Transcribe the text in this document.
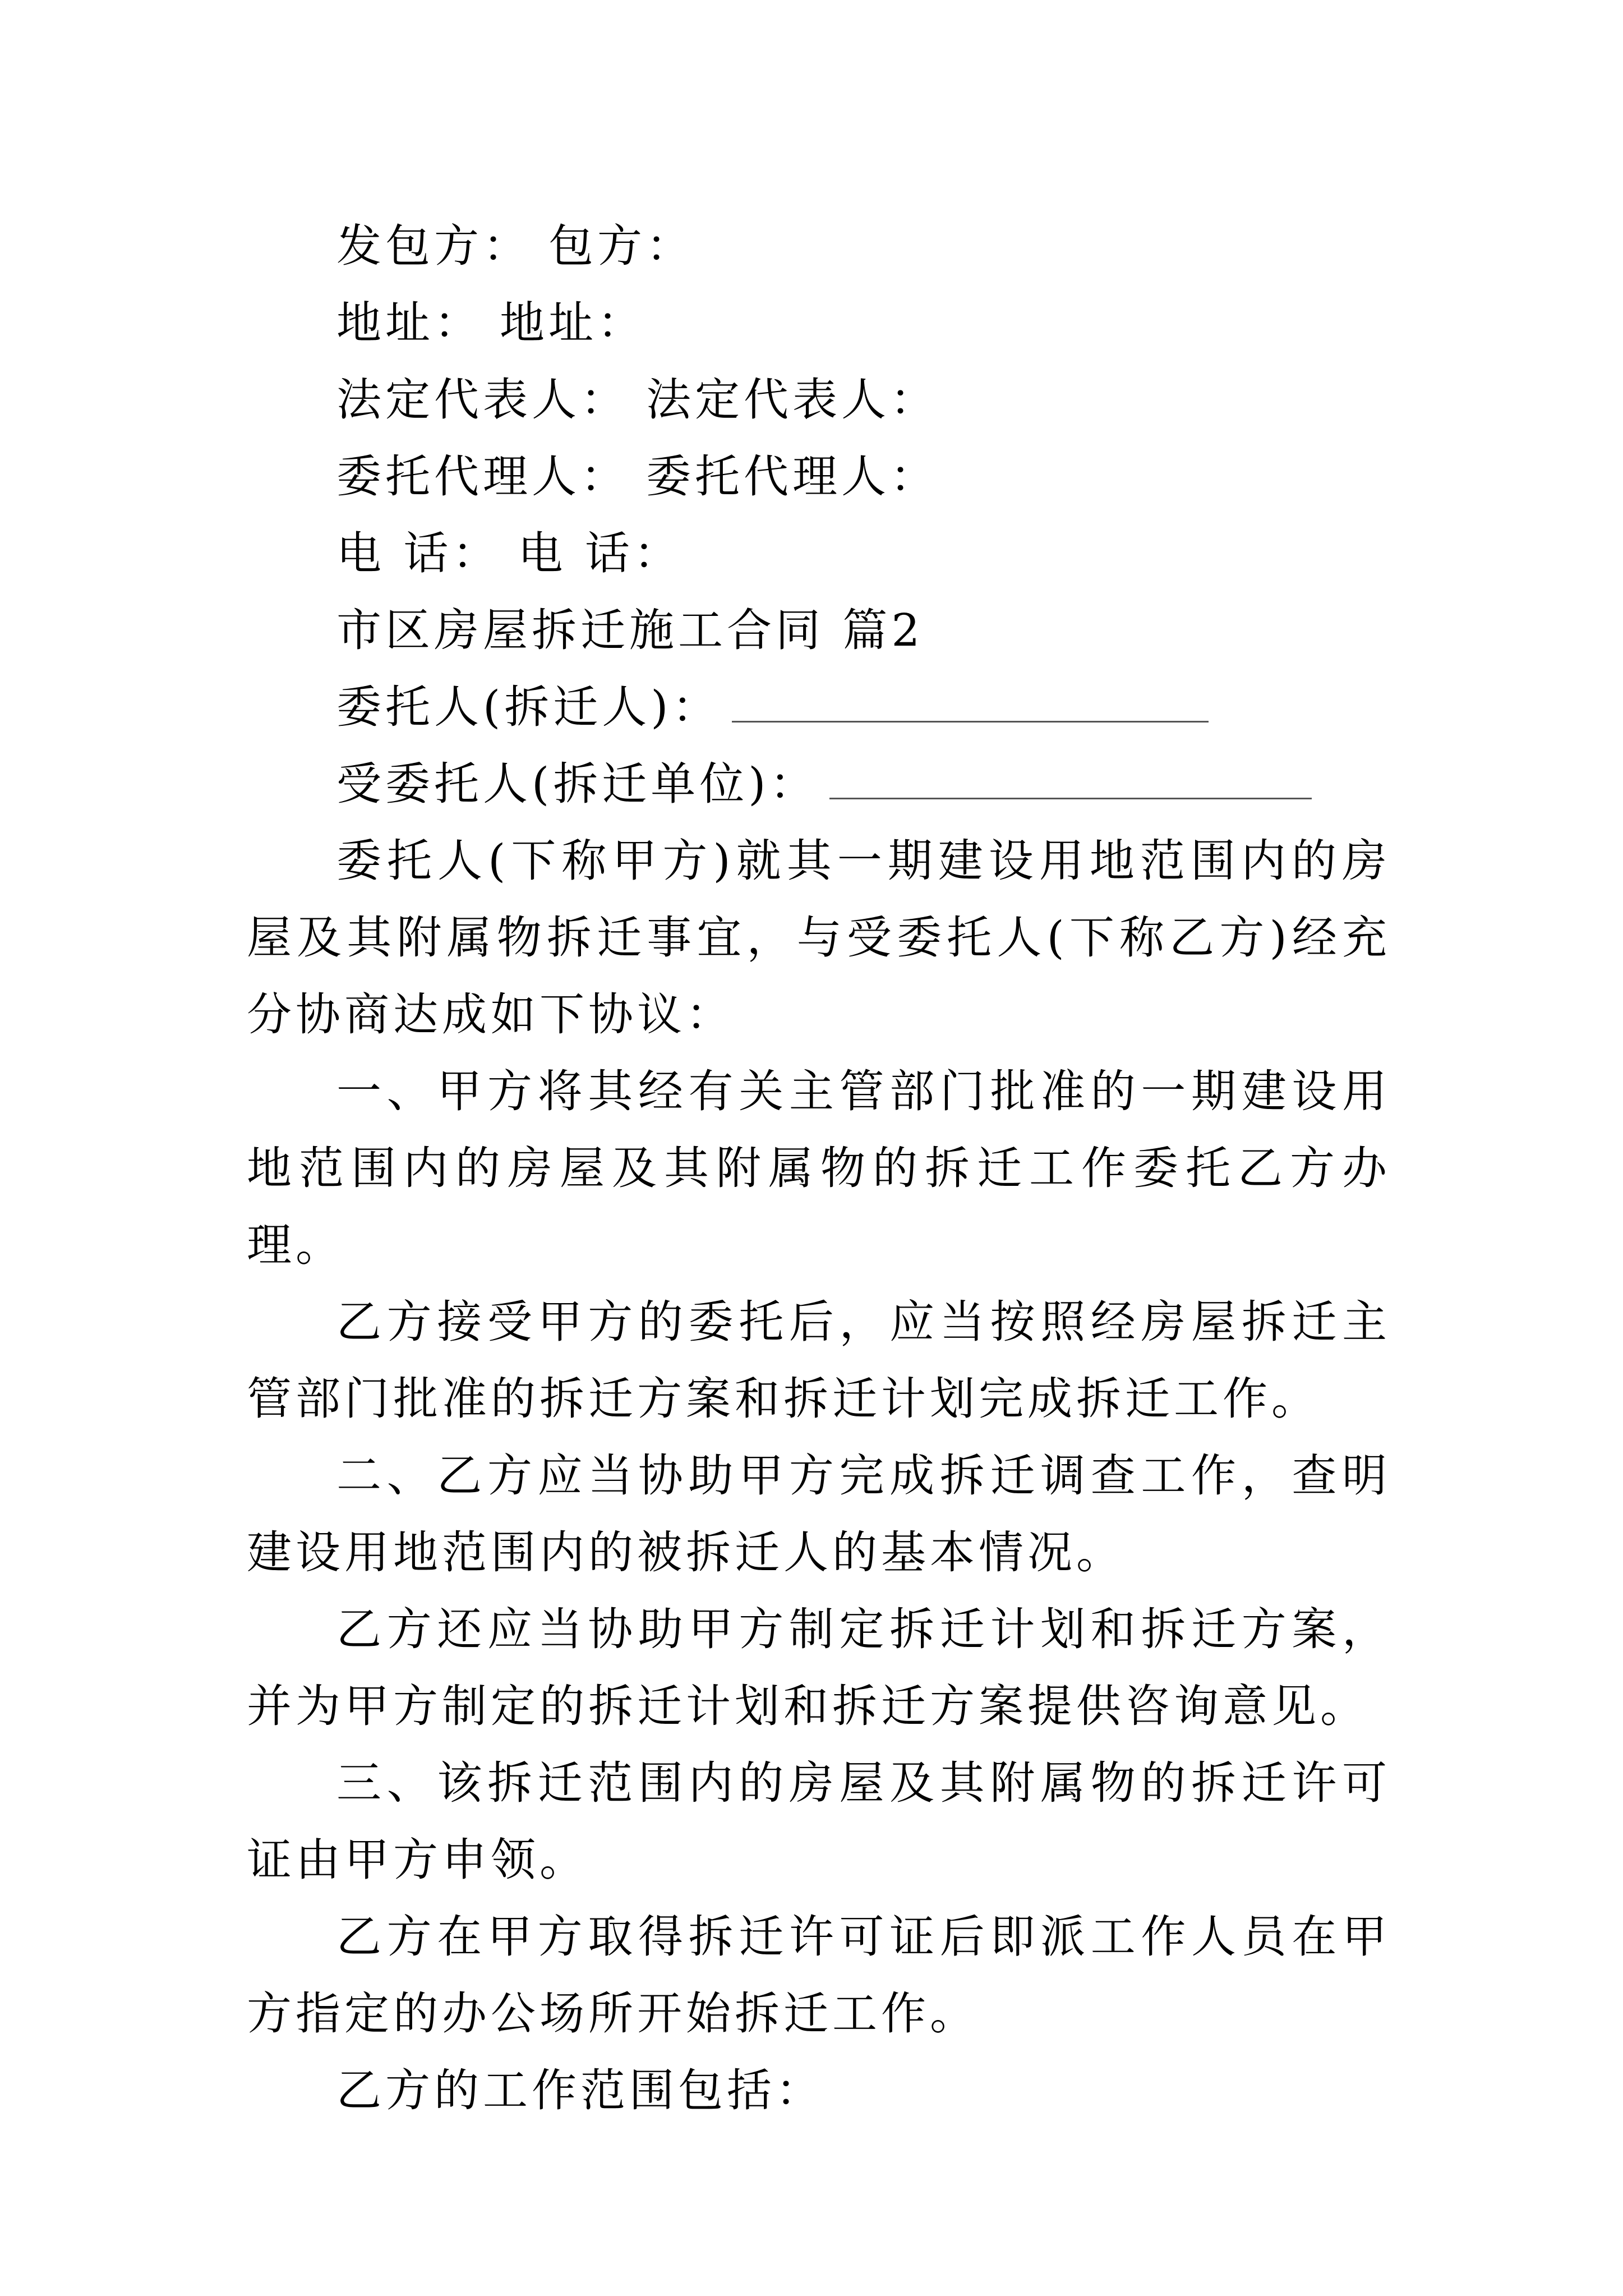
发包方： 包方：
地址： 地址：
法定代表人： 法定代表人：
委托代理人： 委托代理人：
电 话： 电 话：
市区房屋拆迁施工合同 篇2
委托人(拆迁人)：
受委托人(拆迁单位)：

委托人(下称甲方)就其一期建设用地范围内的房屋及其附属物拆迁事宜，与受委托人(下称乙方)经充分协商达成如下协议：

一、甲方将其经有关主管部门批准的一期建设用地范围内的房屋及其附属物的拆迁工作委托乙方办理。

乙方接受甲方的委托后，应当按照经房屋拆迁主管部门批准的拆迁方案和拆迁计划完成拆迁工作。

二、乙方应当协助甲方完成拆迁调查工作，查明建设用地范围内的被拆迁人的基本情况。

乙方还应当协助甲方制定拆迁计划和拆迁方案，并为甲方制定的拆迁计划和拆迁方案提供咨询意见。

三、该拆迁范围内的房屋及其附属物的拆迁许可证由甲方申领。

乙方在甲方取得拆迁许可证后即派工作人员在甲方指定的办公场所开始拆迁工作。

乙方的工作范围包括：
